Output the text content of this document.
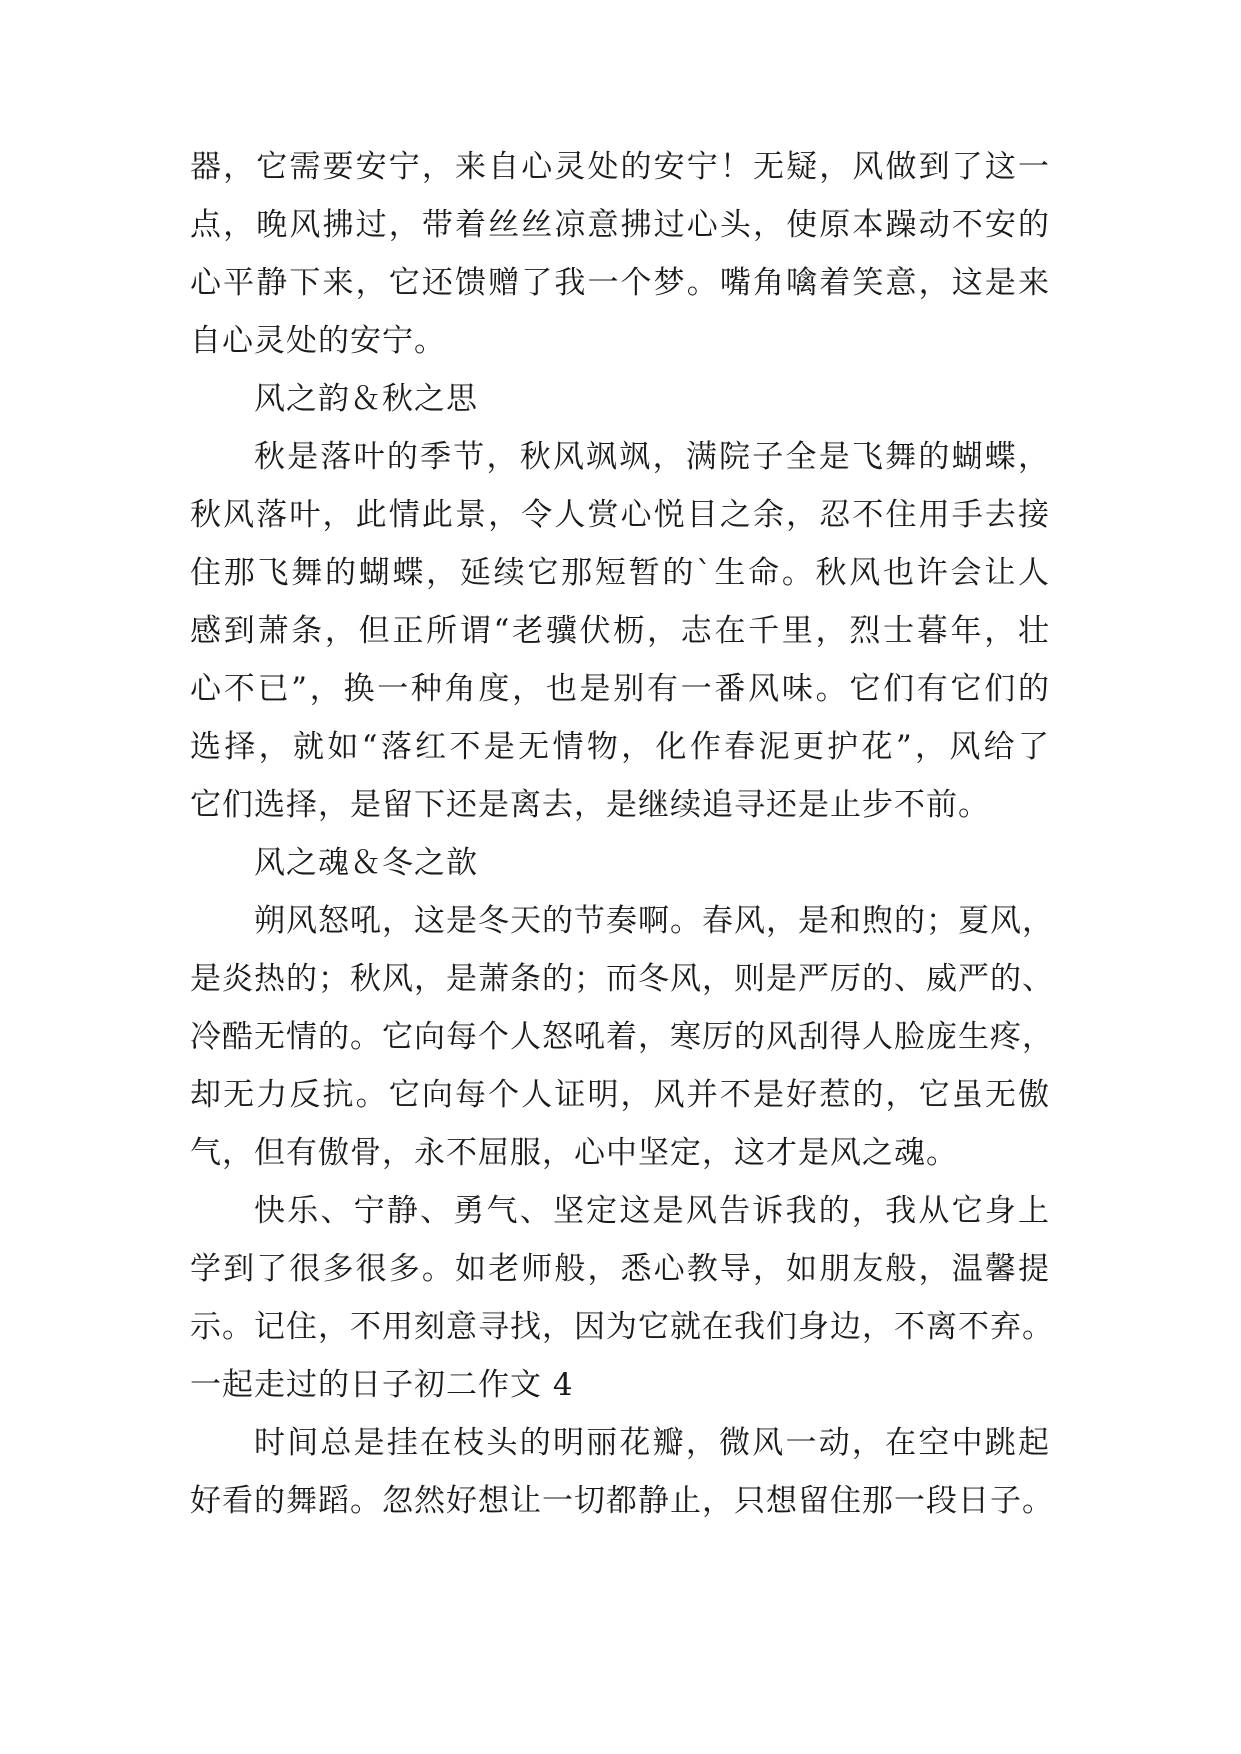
器，它需要安宁，来自心灵处的安宁！无疑，风做到了这一
点，晚风拂过，带着丝丝凉意拂过心头，使原本躁动不安的
心平静下来，它还馈赠了我一个梦。嘴角噙着笑意，这是来
自心灵处的安宁。
风之韵＆秋之思
秋是落叶的季节，秋风飒飒，满院子全是飞舞的蝴蝶，
秋风落叶，此情此景，令人赏心悦目之余，忍不住用手去接
住那飞舞的蝴蝶，延续它那短暂的`生命。秋风也许会让人
感到萧条，但正所谓“老骥伏枥，志在千里，烈士暮年，壮
心不已”，换一种角度，也是别有一番风味。它们有它们的
选择，就如“落红不是无情物，化作春泥更护花”，风给了
它们选择，是留下还是离去，是继续追寻还是止步不前。
风之魂＆冬之歆
朔风怒吼，这是冬天的节奏啊。春风，是和煦的；夏风，
是炎热的；秋风，是萧条的；而冬风，则是严厉的、威严的、
冷酷无情的。它向每个人怒吼着，寒厉的风刮得人脸庞生疼，
却无力反抗。它向每个人证明，风并不是好惹的，它虽无傲
气，但有傲骨，永不屈服，心中坚定，这才是风之魂。
快乐、宁静、勇气、坚定这是风告诉我的，我从它身上
学到了很多很多。如老师般，悉心教导，如朋友般，温馨提
示。记住，不用刻意寻找，因为它就在我们身边，不离不弃。
一起走过的日子初二作文 4
时间总是挂在枝头的明丽花瓣，微风一动，在空中跳起
好看的舞蹈。忽然好想让一切都静止，只想留住那一段日子。
